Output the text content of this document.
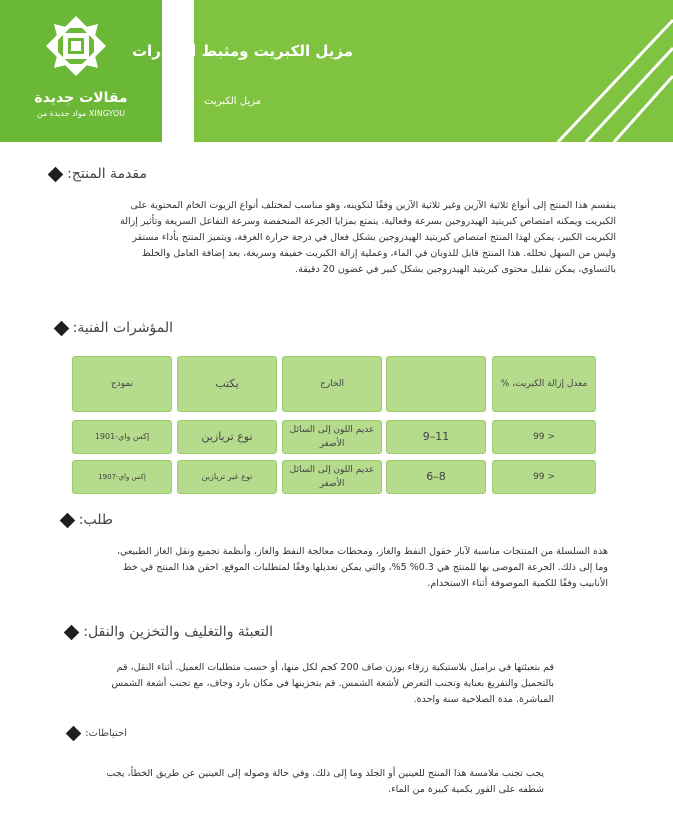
مقالات جديدة
مواد جديدة من XINGYOU
مزيل الكبريت ومثبط الهيدرات
مزيل الكبريت
مقدمة المنتج:
ينقسم هذا المنتج إلى أنواع ثلاثية الآزين وغير ثلاثية الآزين وفقًا لتكوينه، وهو مناسب لمختلف أنواع الزيوت الخام المحتوية على الكبريت ويمكنه امتصاص كبريتيد الهيدروجين بسرعة وفعالية. يتمتع بمزايا الجرعة المنخفضة وسرعة التفاعل السريعة وتأثير إزالة الكبريت الكبير، يمكن لهذا المنتج امتصاص كبريتيد الهيدروجين بشكل فعال في درجة حرارة الغرفة، ويتميز المنتج بأداء مستقر وليس من السهل تحلله. هذا المنتج قابل للذوبان في الماء، وعملية إزالة الكبريت خفيفة وسريعة، بعد إضافة العامل والخلط بالتساوي، يمكن تقليل محتوى كبريتيد الهيدروجين بشكل كبير في غضون 20 دقيقة.
المؤشرات الفنية:
معدل إزالة الكبريت، %
الخارج
يكتب
نموذج
< 99
11–9
عديم اللون إلى السائل الأصفر
نوع تريازين
إكس واي-1901
< 99
8–6
عديم اللون إلى السائل الأصفر
نوع غير تريازين
إكس واي-1907
طلب:
هذه السلسلة من المنتجات مناسبة لآبار حقول النفط والغاز، ومحطات معالجة النفط والغاز، وأنظمة تجميع ونقل الغاز الطبيعي، وما إلى ذلك. الجرعة الموصى بها للمنتج هي 0.3% 5%، والتي يمكن تعديلها وفقًا لمتطلبات الموقع. احقن هذا المنتج في خط الأنابيب وفقًا للكمية الموصوفة أثناء الاستخدام.
التعبئة والتغليف والتخزين والنقل:
قم بتعبئتها في براميل بلاستيكية زرقاء بوزن صاف 200 كجم لكل منها، أو حسب متطلبات العميل. أثناء النقل، قم بالتحميل والتفريغ بعناية وتجنب التعرض لأشعة الشمس. قم بتخزينها في مكان بارد وجاف، مع تجنب أشعة الشمس المباشرة. مدة الصلاحية سنة واحدة.
احتياطات:
يجب تجنب ملامسة هذا المنتج للعينين أو الجلد وما إلى ذلك. وفي حالة وصوله إلى العينين عن طريق الخطأ، يجب شطفه على الفور بكمية كبيرة من الماء.
